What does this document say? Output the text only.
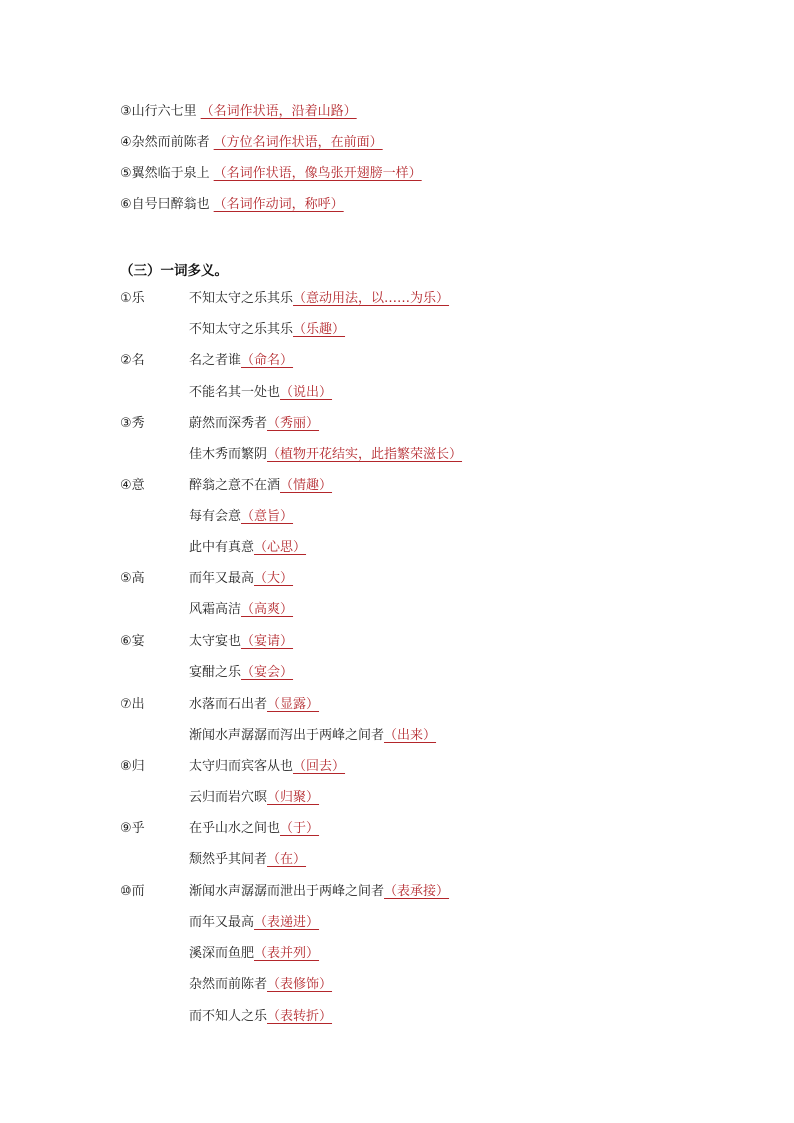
③山行六七里 （名词作状语，沿着山路）
④杂然而前陈者 （方位名词作状语，在前面）
⑤翼然临于泉上 （名词作状语，像鸟张开翅膀一样）
⑥自号曰醉翁也 （名词作动词，称呼）
（三）一词多义。
①乐	不知太守之乐其乐（意动用法，以……为乐）
不知太守之乐其乐（乐趣）
②名	名之者谁（命名）
不能名其一处也（说出）
③秀	蔚然而深秀者（秀丽）
佳木秀而繁阴（植物开花结实，此指繁荣滋长）
④意	醉翁之意不在酒（情趣）
每有会意（意旨）
此中有真意（心思）
⑤高	而年又最高（大）
风霜高洁（高爽）
⑥宴	太守宴也（宴请）
宴酣之乐（宴会）
⑦出	水落而石出者（显露）
渐闻水声潺潺而泻出于两峰之间者（出来）
⑧归	太守归而宾客从也（回去）
云归而岩穴暝（归聚）
⑨乎	在乎山水之间也（于）
颓然乎其间者（在）
⑩而	渐闻水声潺潺而泄出于两峰之间者（表承接）
而年又最高（表递进）
溪深而鱼肥（表并列）
杂然而前陈者（表修饰）
而不知人之乐（表转折）
